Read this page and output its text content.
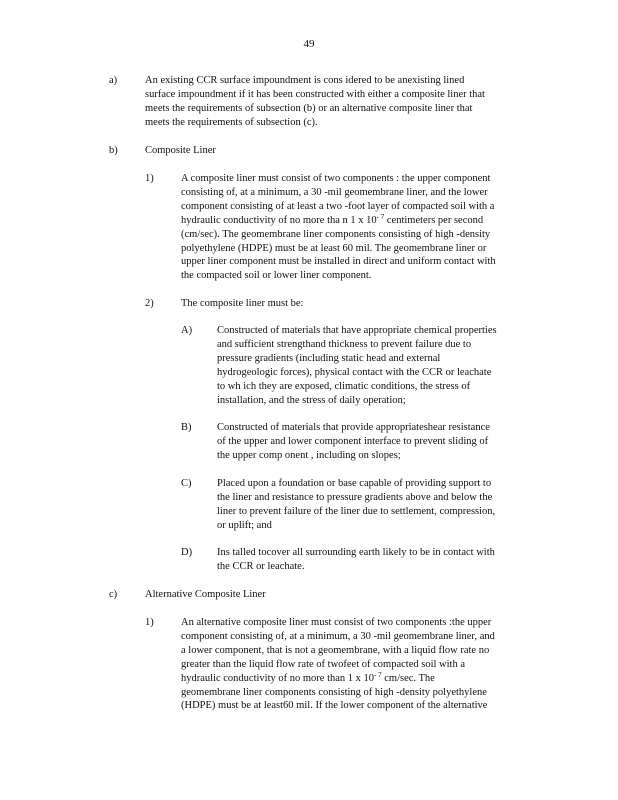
49
a)	An existing CCR surface impoundment is cons idered to be anexisting lined
surface impoundment if it has been constructed with either a composite liner that
meets the requirements of subsection (b) or an alternative composite liner that
meets the requirements of subsection (c).
b)	Composite Liner
1)	A composite liner must consist of two components : the upper component
consisting of, at a minimum, a 30 -mil geomembrane liner, and the lower
component consisting of at least a two -foot layer of compacted soil with a
hydraulic conductivity of no more tha n 1 x $10^{- 7}$ centimeters per second
(cm/sec). The geomembrane liner components consisting of high -density
polyethylene (HDPE) must be at least 60 mil. The geomembrane liner or
upper liner component must be installed in direct and uniform contact with
the compacted soil or lower liner component.
2)	The composite liner must be:
A) Constructed of materials that have appropriate chemical properties
and sufficient strengthand thickness to prevent failure due to
pressure gradients (including static head and external
hydrogeologic forces), physical contact with the CCR or leachate
to wh ich they are exposed, climatic conditions, the stress of
installation, and the stress of daily operation;
B) Constructed of materials that provide appropriateshear resistance
of the upper and lower component interface to prevent sliding of
the upper comp onent , including on slopes;
C) Placed upon a foundation or base capable of providing support to
the liner and resistance to pressure gradients above and below the
liner to prevent failure of the liner due to settlement, compression,
or uplift; and
D) Ins talled tocover all surrounding earth likely to be in contact with
the CCR or leachate.
c)	Alternative Composite Liner
1)	An alternative composite liner must consist of two components :the upper
component consisting of, at a minimum, a 30 -mil geomembrane liner, and
a lower component, that is not a geomembrane, with a liquid flow rate no
greater than the liquid flow rate of twofeet of compacted soil with a
hydraulic conductivity of no more than 1 x $10^{- 7}$ cm/sec. The
geomembrane liner components consisting of high -density polyethylene
(HDPE) must be at least60 mil. If the lower component of the alternative
